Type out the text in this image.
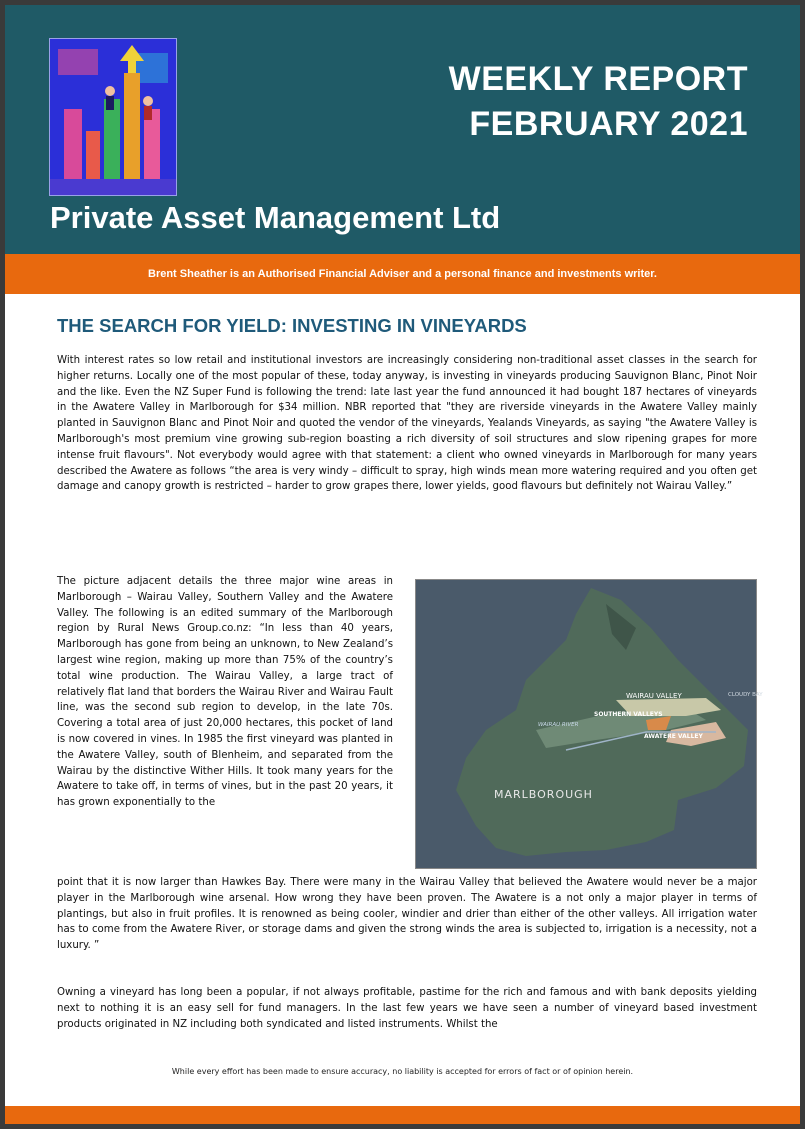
WEEKLY REPORT
FEBRUARY 2021
Private Asset Management Ltd
Brent Sheather is an Authorised Financial Adviser and a personal finance and investments writer.
THE SEARCH FOR YIELD: INVESTING IN VINEYARDS

With interest rates so low retail and institutional investors are increasingly considering non-traditional asset classes in the search for higher returns. Locally one of the most popular of these, today anyway, is investing in vineyards producing Sauvignon Blanc, Pinot Noir and the like. Even the NZ Super Fund is following the trend: late last year the fund announced it had bought 187 hectares of vineyards in the Awatere Valley in Marlborough for $34 million. NBR reported that "they are riverside vineyards in the Awatere Valley mainly planted in Sauvignon Blanc and Pinot Noir and quoted the vendor of the vineyards, Yealands Vineyards, as saying "the Awatere Valley is Marlborough's most premium vine growing sub-region boasting a rich diversity of soil structures and slow ripening grapes for more intense fruit flavours". Not everybody would agree with that statement: a client who owned vineyards in Marlborough for many years described the Awatere as follows “the area is very windy – difficult to spray, high winds mean more watering required and you often get damage and canopy growth is restricted – harder to grow grapes there, lower yields, good flavours but definitely not Wairau Valley.”

The picture adjacent details the three major wine areas in Marlborough – Wairau Valley, Southern Valley and the Awatere Valley. The following is an edited summary of the Marlborough region by Rural News Group.co.nz: “In less than 40 years, Marlborough has gone from being an unknown, to New Zealand’s largest wine region, making up more than 75% of the country’s total wine production. The Wairau Valley, a large tract of relatively flat land that borders the Wairau River and Wairau Fault line, was the second sub region to develop, in the late 70s. Covering a total area of just 20,000 hectares, this pocket of land is now covered in vines. In 1985 the first vineyard was planted in the Awatere Valley, south of Blenheim, and separated from the Wairau by the distinctive Wither Hills. It took many years for the Awatere to take off, in terms of vines, but in the past 20 years, it has grown exponentially to the

WAIRAU VALLEY	CLOUDY BAY
SOUTHERN VALLEYS
WAIRAU RIVER
AWATERE VALLEY
MARLBOROUGH

point that it is now larger than Hawkes Bay. There were many in the Wairau Valley that believed the Awatere would never be a major player in the Marlborough wine arsenal. How wrong they have been proven. The Awatere is a not only a major player in terms of plantings, but also in fruit profiles. It is renowned as being cooler, windier and drier than either of the other valleys. All irrigation water has to come from the Awatere River, or storage dams and given the strong winds the area is subjected to, irrigation is a necessity, not a luxury. ”

Owning a vineyard has long been a popular, if not always profitable, pastime for the rich and famous and with bank deposits yielding next to nothing it is an easy sell for fund managers. In the last few years we have seen a number of vineyard based investment products originated in NZ including both syndicated and listed instruments. Whilst the

While every effort has been made to ensure accuracy, no liability is accepted for errors of fact or of opinion herein.
